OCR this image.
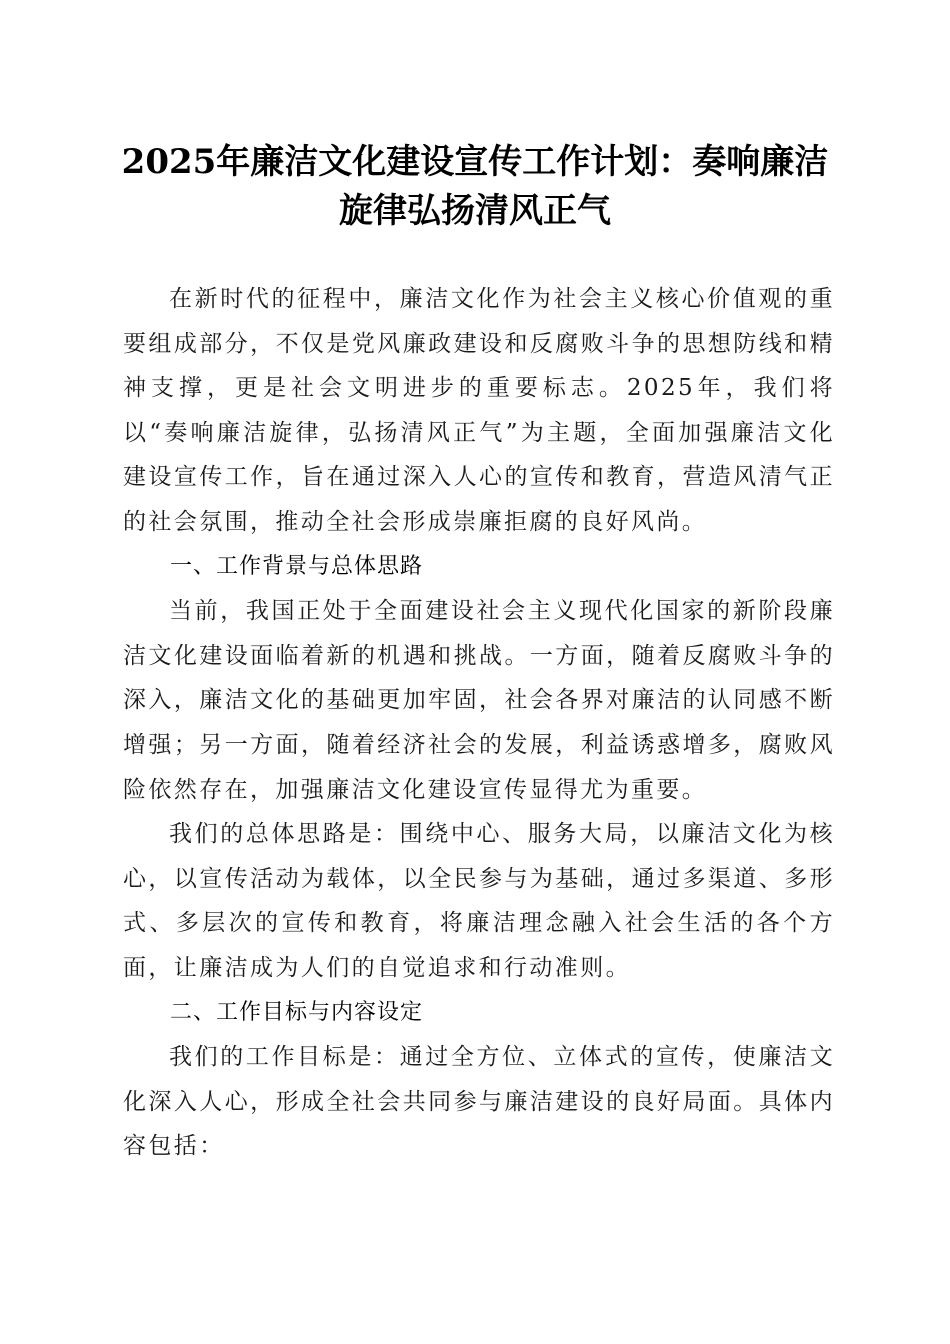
2025年廉洁文化建设宣传工作计划：奏响廉洁旋律弘扬清风正气

在新时代的征程中，廉洁文化作为社会主义核心价值观的重要组成部分，不仅是党风廉政建设和反腐败斗争的思想防线和精神支撑，更是社会文明进步的重要标志。2025年，我们将以“奏响廉洁旋律，弘扬清风正气”为主题，全面加强廉洁文化建设宣传工作，旨在通过深入人心的宣传和教育，营造风清气正的社会氛围，推动全社会形成崇廉拒腐的良好风尚。

一、工作背景与总体思路

当前，我国正处于全面建设社会主义现代化国家的新阶段廉洁文化建设面临着新的机遇和挑战。一方面，随着反腐败斗争的深入，廉洁文化的基础更加牢固，社会各界对廉洁的认同感不断增强；另一方面，随着经济社会的发展，利益诱惑增多，腐败风险依然存在，加强廉洁文化建设宣传显得尤为重要。

我们的总体思路是：围绕中心、服务大局，以廉洁文化为核心，以宣传活动为载体，以全民参与为基础，通过多渠道、多形式、多层次的宣传和教育，将廉洁理念融入社会生活的各个方面，让廉洁成为人们的自觉追求和行动准则。

二、工作目标与内容设定

我们的工作目标是：通过全方位、立体式的宣传，使廉洁文化深入人心，形成全社会共同参与廉洁建设的良好局面。具体内容包括：
